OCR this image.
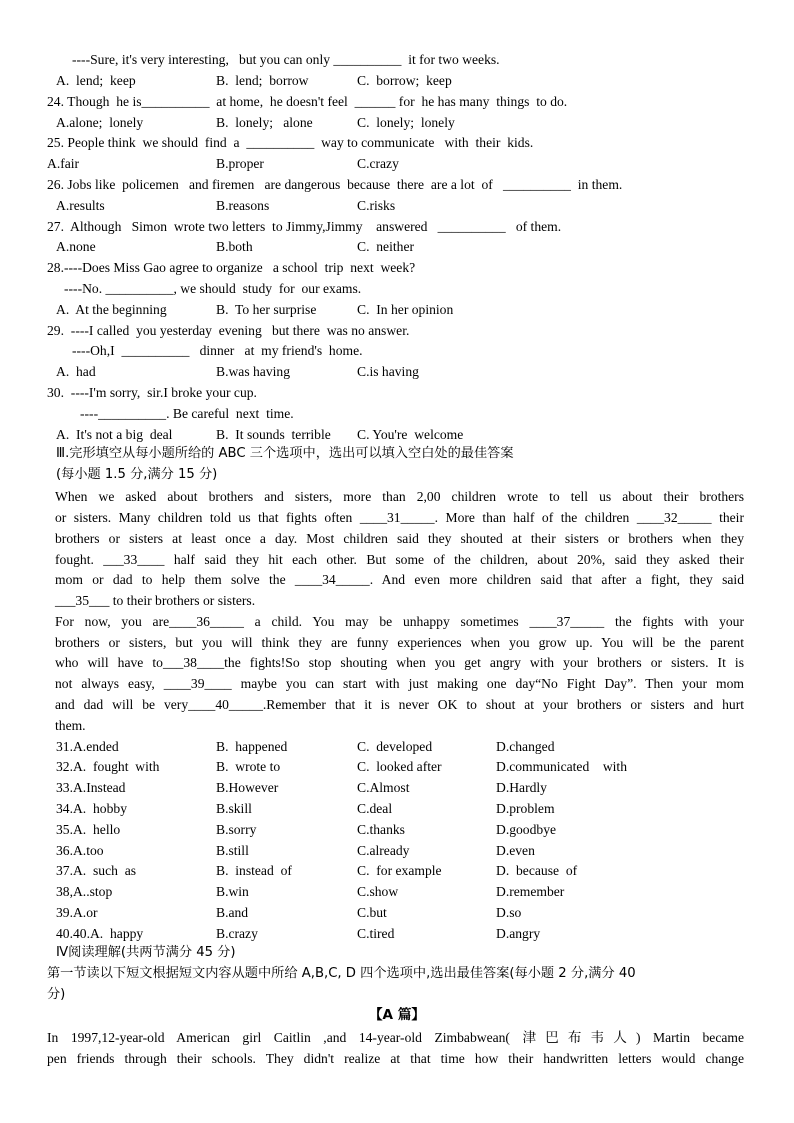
----Sure, it's very interesting,   but you can only __________  it for two weeks.
A.  lend;  keep	B.  lend;  borrow	C.  borrow;  keep
24. Though  he is__________  at home,  he doesn't feel  ______ for  he has many  things  to do.
A.alone;  lonely	B.  lonely;   alone	C.  lonely;  lonely
25. People think  we should  find  a  __________  way to communicate   with  their  kids.
A.fair	B.proper	C.crazy
26. Jobs like  policemen   and firemen   are dangerous  because  there  are a lot  of   __________  in them.
A.results	B.reasons	C.risks
27.  Although   Simon  wrote two letters  to Jimmy,Jimmy    answered   __________   of them.
A.none	B.both	C.  neither
28.----Does Miss Gao agree to organize   a school  trip  next  week?
----No. __________, we should  study  for  our exams.
A.  At the beginning	B.  To her surprise	C.  In her opinion
29.  ----I called  you yesterday  evening   but there  was no answer.
----Oh,I  __________   dinner   at  my friend's  home.
A.  had	B.was having	C.is having
30.  ----I'm sorry,  sir.I broke your cup.
----__________. Be careful  next  time.
A.  It's not a big  deal	B.  It sounds  terrible C. You're  welcome
Ⅲ.完形填空从每小题所给的 ABC 三个选项中，选出可以填入空白处的最佳答案
(每小题 1.5 分,满分 15 分)
When we asked about brothers and sisters, more than 2,00 children wrote to tell us about their brothers
or sisters. Many children told us that fights often ____31_____. More than half of the children ____32_____ their
brothers or sisters at least once a day. Most children said they shouted at their sisters or brothers when they
fought. ___33____ half said they hit each other. But some of the children, about 20%, said they asked their
mom or dad to help them solve the ____34_____. And even more children said that after a fight, they said
___35___ to their brothers or sisters.
For now, you are____36_____ a child. You may be unhappy sometimes ____37_____ the fights with your
brothers or sisters, but you will think they are funny experiences when you grow up. You will be the parent
who will have to___38____the fights!So stop shouting when you get angry with your brothers or sisters. It is
not always easy, ____39____ maybe you can start with just making one day“No Fight Day”. Then your mom
and dad will be very____40_____.Remember that it is never OK to shout at your brothers or sisters and hurt
them.
31.A.ended	B.  happened	C.  developed	D.changed
32.A.  fought  with	B.  wrote to	C.  looked after	D.communicated    with
33.A.Instead	B.However	C.Almost	D.Hardly
34.A.  hobby	B.skill	C.deal	D.problem
35.A.  hello	B.sorry	C.thanks	D.goodbye
36.A.too	B.still	C.already	D.even
37.A.  such  as	B.  instead  of	C.  for example	D.  because  of
38,A..stop	B.win	C.show	D.remember
39.A.or	B.and	C.but	D.so
40.40.A.  happy	B.crazy	C.tired	D.angry
Ⅳ阅读理解(共两节满分 45 分)
第一节读以下短文根据短文内容从题中所给 A,B,C, D 四个选项中,选出最佳答案(每小题 2 分,满分 40
分)
【A 篇】
In 1997,12-year-old American girl Caitlin ,and 14-year-old Zimbabwean( 津巴布韦人) Martin became
pen friends through their schools. They didn't realize at that time how their handwritten letters would change
